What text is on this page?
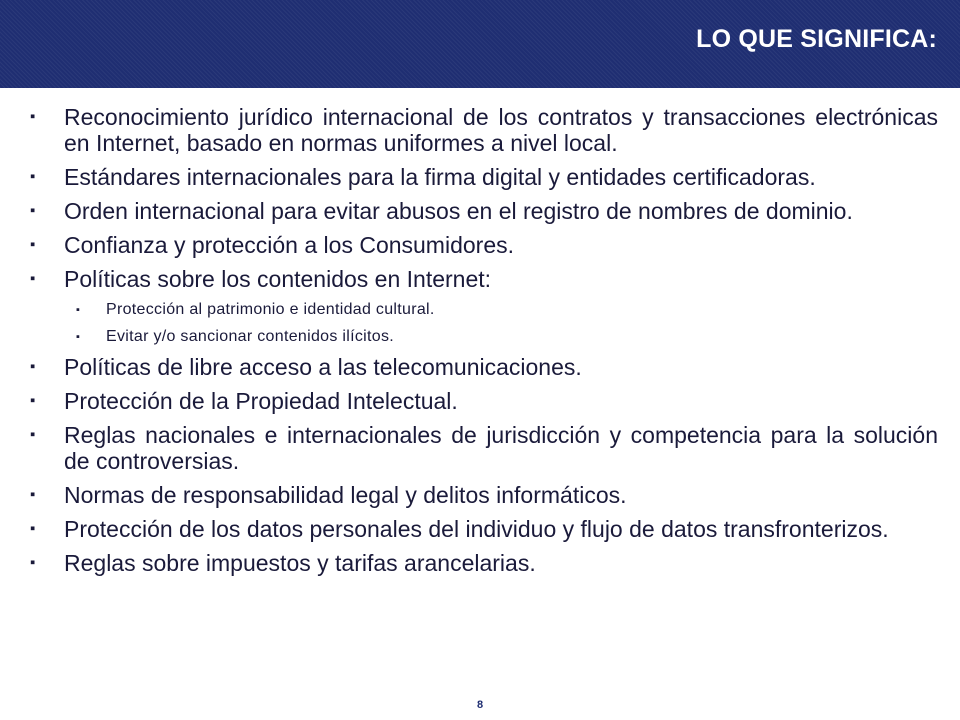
LO QUE SIGNIFICA:
▪	Reconocimiento jurídico internacional de los contratos y transacciones electrónicas en Internet, basado en normas uniformes a nivel local.
▪	Estándares internacionales para la firma digital y entidades certificadoras.
▪	Orden internacional para evitar abusos en el registro de nombres de dominio.
▪	Confianza y protección a los Consumidores.
▪	Políticas sobre los contenidos en Internet:
▪	Protección al patrimonio e identidad cultural.
▪	Evitar y/o sancionar contenidos ilícitos.
▪	Políticas de libre acceso a las telecomunicaciones.
▪	Protección de la Propiedad Intelectual.
▪	Reglas nacionales e internacionales de jurisdicción y competencia para la solución de controversias.
▪	Normas de responsabilidad legal y delitos informáticos.
▪	Protección de los datos personales del individuo y flujo de datos transfronterizos.
▪	Reglas sobre impuestos y tarifas arancelarias.
8
